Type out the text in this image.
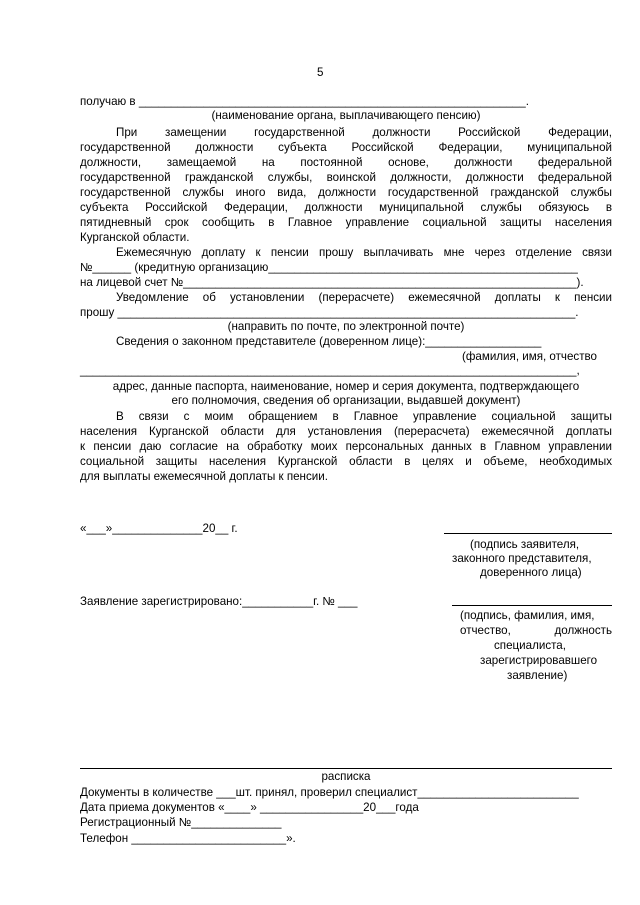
5
получаю в ____________________________________________________________.
(наименование органа, выплачивающего пенсию)
При замещении государственной должности Российской Федерации,
государственной должности субъекта Российской Федерации, муниципальной
должности, замещаемой на постоянной основе, должности федеральной
государственной гражданской службы, воинской должности, должности федеральной
государственной службы иного вида, должности государственной гражданской службы
субъекта Российской Федерации, должности муниципальной службы обязуюсь в
пятидневный срок сообщить в Главное управление социальной защиты населения
Курганской области.
Ежемесячную доплату к пенсии прошу выплачивать мне через отделение связи
№______ (кредитную организацию________________________________________________
на лицевой счет №_____________________________________________________________).
Уведомление об установлении (перерасчете) ежемесячной доплаты к пенсии
прошу _______________________________________________________________________.
(направить по почте, по электронной почте)
Сведения о законном представителе (доверенном лице):__________________
(фамилия, имя, отчество
_____________________________________________________________________________,
адрес, данные паспорта, наименование, номер и серия документа, подтверждающего
его полномочия, сведения об организации, выдавшей документ)
В связи с моим обращением в Главное управление социальной защиты
населения Курганской области для установления (перерасчета) ежемесячной доплаты
к пенсии даю согласие на обработку моих персональных данных в Главном управлении
социальной защиты населения Курганской области в целях и объеме, необходимых
для выплаты ежемесячной доплаты к пенсии.
«___»______________20__ г.
(подпись заявителя,
законного представителя,
доверенного лица)
Заявление зарегистрировано:___________г. № ___
(подпись, фамилия, имя,
отчество, должность
специалиста,
зарегистрировавшего
заявление)
расписка
Документы в количестве ___шт. принял, проверил специалист_________________________
Дата приема документов «____» ________________20___года
Регистрационный №______________
Телефон ________________________».
